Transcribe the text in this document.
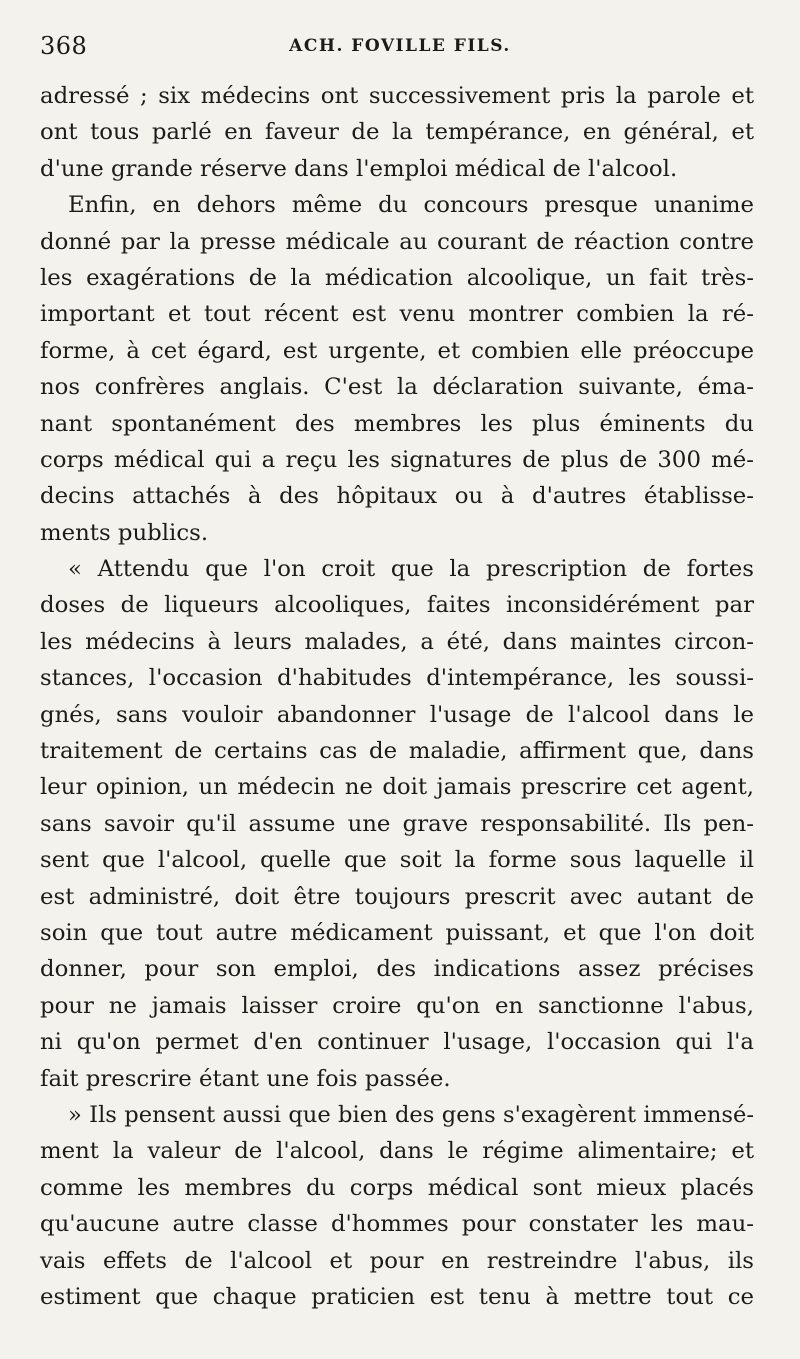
368	ACH. FOVILLE FILS.
adressé ; six médecins ont successivement pris la parole et
ont tous parlé en faveur de la tempérance, en général, et
d'une grande réserve dans l'emploi médical de l'alcool.
Enfin, en dehors même du concours presque unanime
donné par la presse médicale au courant de réaction contre
les exagérations de la médication alcoolique, un fait très-
important et tout récent est venu montrer combien la ré-
forme, à cet égard, est urgente, et combien elle préoccupe
nos confrères anglais. C'est la déclaration suivante, éma-
nant spontanément des membres les plus éminents du
corps médical qui a reçu les signatures de plus de 300 mé-
decins attachés à des hôpitaux ou à d'autres établisse-
ments publics.
« Attendu que l'on croit que la prescription de fortes
doses de liqueurs alcooliques, faites inconsidérément par
les médecins à leurs malades, a été, dans maintes circon-
stances, l'occasion d'habitudes d'intempérance, les soussi-
gnés, sans vouloir abandonner l'usage de l'alcool dans le
traitement de certains cas de maladie, affirment que, dans
leur opinion, un médecin ne doit jamais prescrire cet agent,
sans savoir qu'il assume une grave responsabilité. Ils pen-
sent que l'alcool, quelle que soit la forme sous laquelle il
est administré, doit être toujours prescrit avec autant de
soin que tout autre médicament puissant, et que l'on doit
donner, pour son emploi, des indications assez précises
pour ne jamais laisser croire qu'on en sanctionne l'abus,
ni qu'on permet d'en continuer l'usage, l'occasion qui l'a
fait prescrire étant une fois passée.
» Ils pensent aussi que bien des gens s'exagèrent immensé-
ment la valeur de l'alcool, dans le régime alimentaire; et
comme les membres du corps médical sont mieux placés
qu'aucune autre classe d'hommes pour constater les mau-
vais effets de l'alcool et pour en restreindre l'abus, ils
estiment que chaque praticien est tenu à mettre tout ce
